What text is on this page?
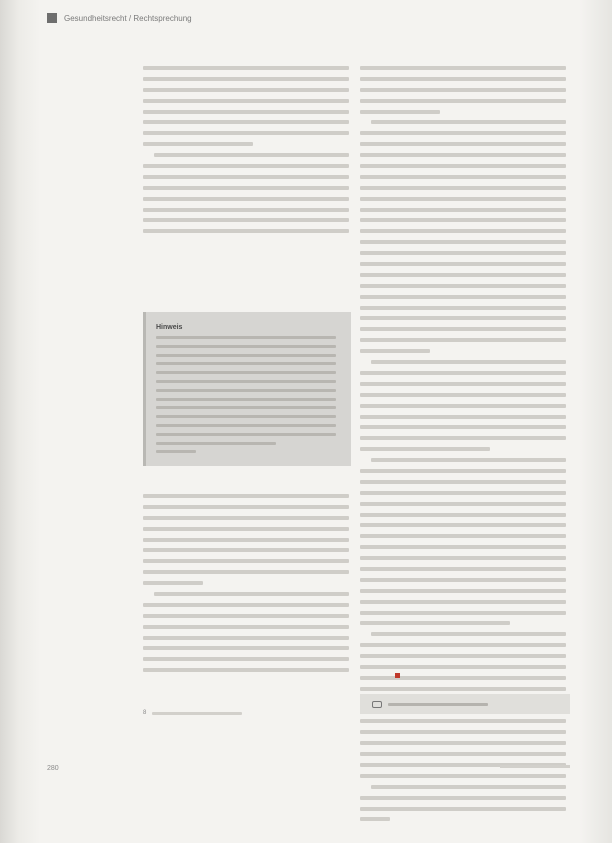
Gesundheitsrecht / Rechtsprechung
Hinweis
8
280
